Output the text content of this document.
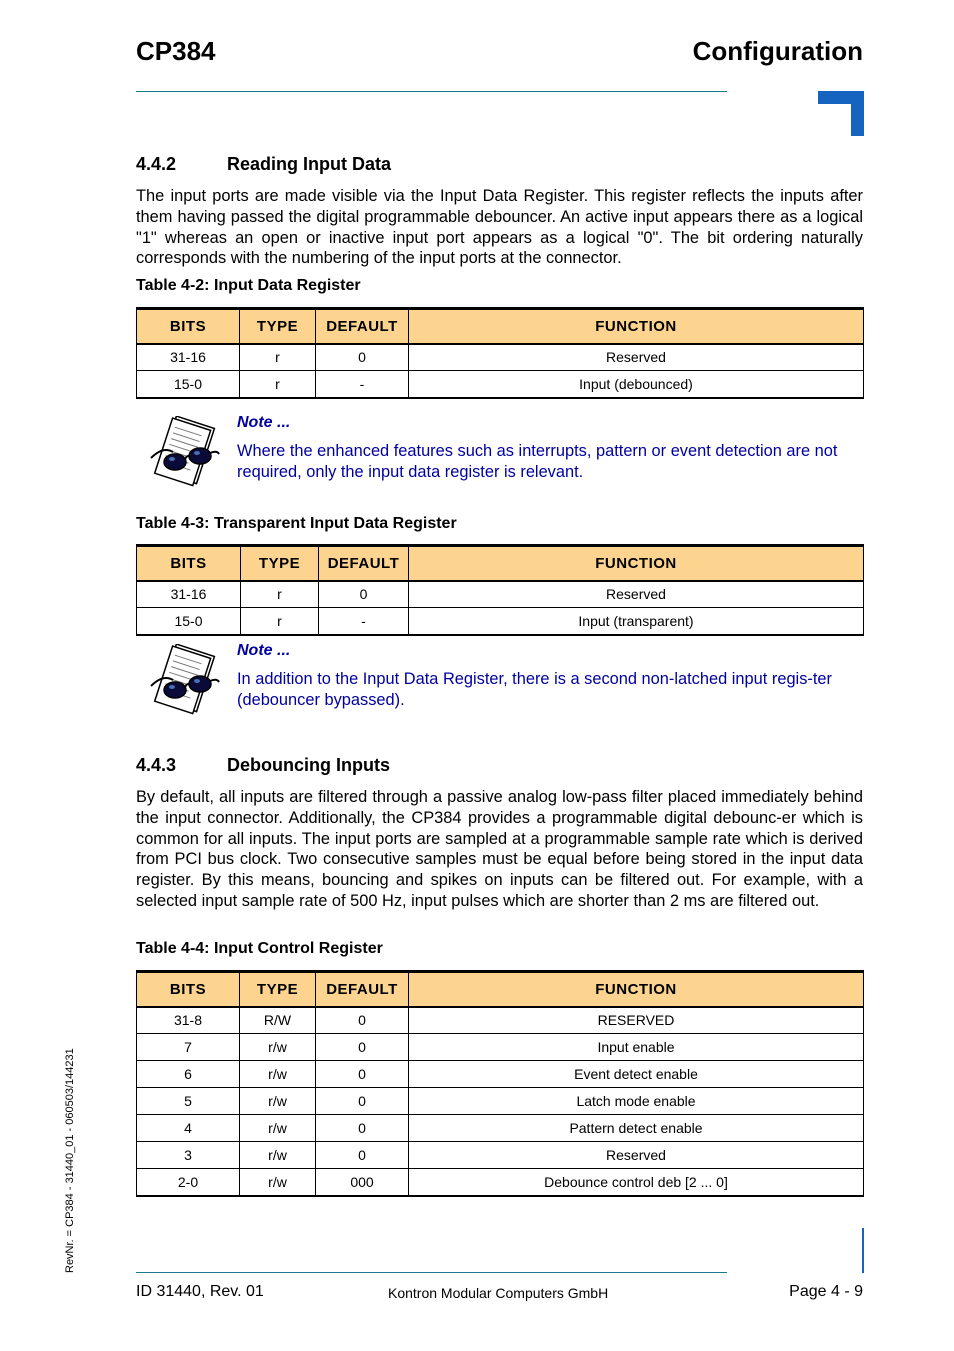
CP384	Configuration
4.4.2	Reading Input Data

The input ports are made visible via the Input Data Register. This register reflects the inputs after them having passed the digital programmable debouncer. An active input appears there as a logical "1" whereas an open or inactive input port appears as a logical "0". The bit ordering naturally corresponds with the numbering of the input ports at the connector.

Table 4-2: Input Data Register
BITS	TYPE	DEFAULT	FUNCTION
31-16	r	0	Reserved
15-0	r	-	Input (debounced)
Note ...
Where the enhanced features such as interrupts, pattern or event detection are not required, only the input data register is relevant.
Table 4-3: Transparent Input Data Register
BITS	TYPE	DEFAULT	FUNCTION
31-16	r	0	Reserved
15-0	r	-	Input (transparent)
Note ...
In addition to the Input Data Register, there is a second non-latched input regis-ter (debouncer bypassed).
4.4.3	Debouncing Inputs

By default, all inputs are filtered through a passive analog low-pass filter placed immediately behind the input connector. Additionally, the CP384 provides a programmable digital debounc-er which is common for all inputs. The input ports are sampled at a programmable sample rate which is derived from PCI bus clock. Two consecutive samples must be equal before being stored in the input data register. By this means, bouncing and spikes on inputs can be filtered out. For example, with a selected input sample rate of 500 Hz, input pulses which are shorter than 2 ms are filtered out.

Table 4-4: Input Control Register
BITS	TYPE	DEFAULT	FUNCTION
31-8	R/W	0	RESERVED
7	r/w	0	Input enable
6	r/w	0	Event detect enable
5	r/w	0	Latch mode enable
4	r/w	0	Pattern detect enable
3	r/w	0	Reserved
2-0	r/w	000	Debounce control deb [2 ... 0]
ID 31440, Rev. 01	Kontron Modular Computers GmbH	Page 4 - 9
RevNr. = CP384 - 31440_01 - 060503/144231
